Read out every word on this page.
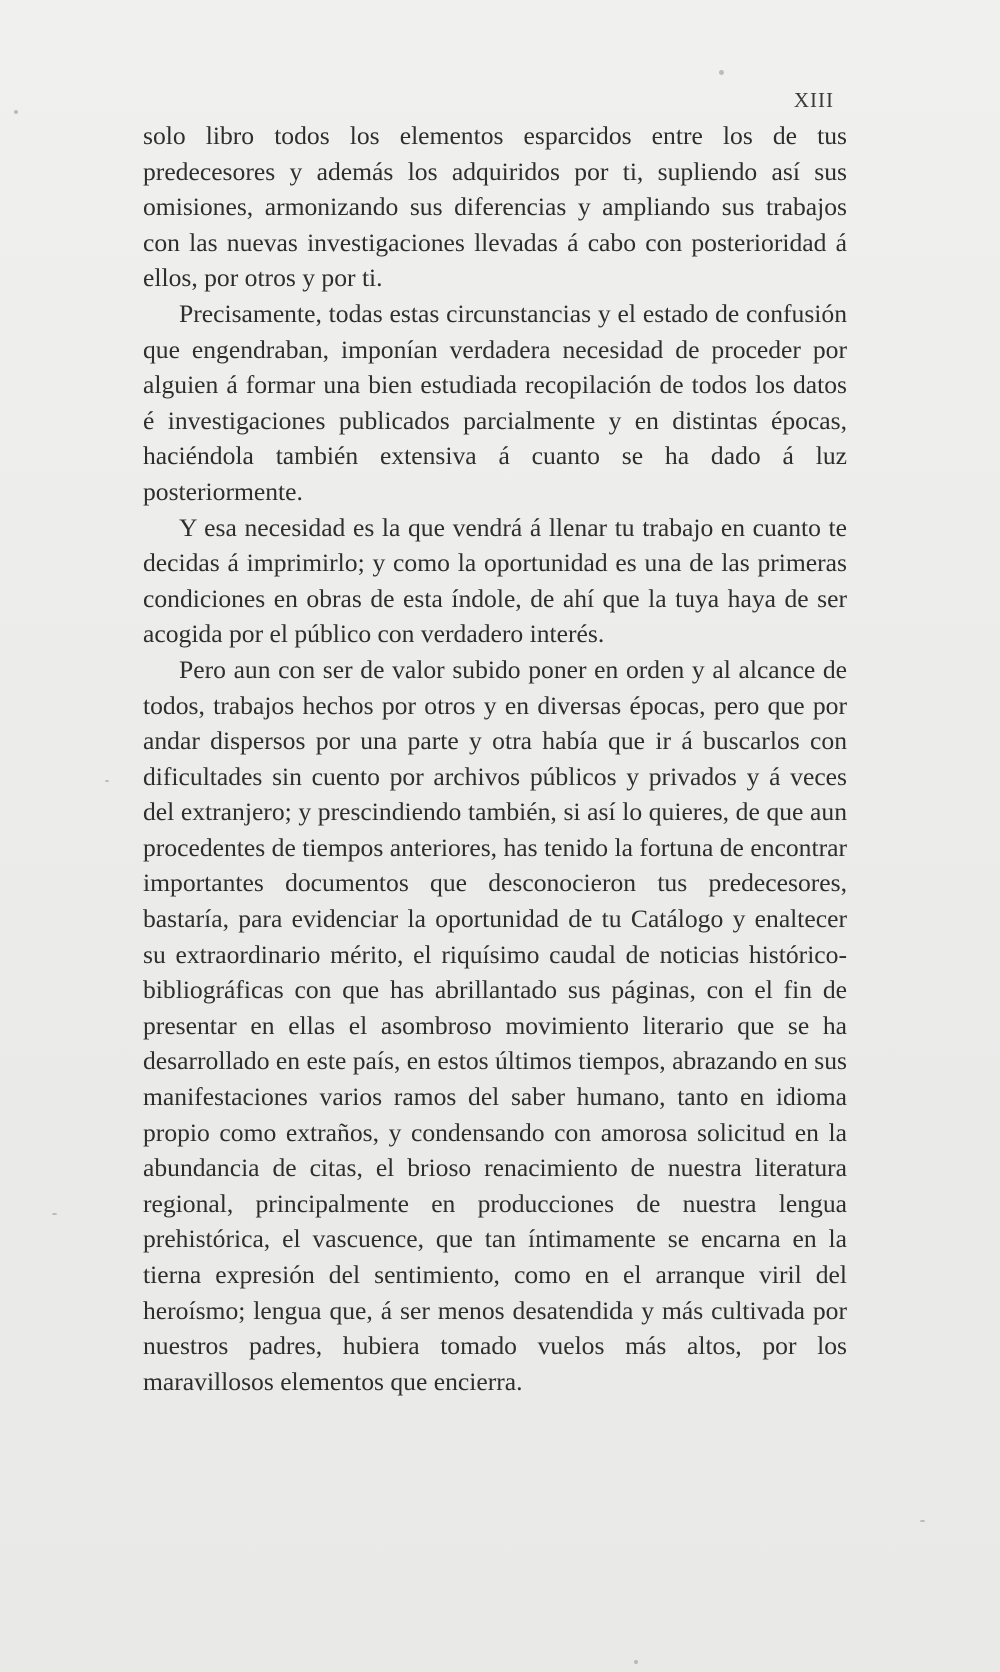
XIII

solo libro todos los elementos esparcidos entre los de tus predecesores y además los adquiridos por ti, supliendo así sus omisiones, armonizando sus diferencias y ampliando sus trabajos con las nuevas investigaciones llevadas á cabo con posterioridad á ellos, por otros y por ti.

Precisamente, todas estas circunstancias y el estado de confusión que engendraban, imponían verdadera necesidad de proceder por alguien á formar una bien estudiada recopilación de todos los datos é investigaciones publicados parcialmente y en distintas épocas, haciéndola también extensiva á cuanto se ha dado á luz posteriormente.

Y esa necesidad es la que vendrá á llenar tu trabajo en cuanto te decidas á imprimirlo; y como la oportunidad es una de las primeras condiciones en obras de esta índole, de ahí que la tuya haya de ser acogida por el público con verdadero interés.

Pero aun con ser de valor subido poner en orden y al alcance de todos, trabajos hechos por otros y en diversas épocas, pero que por andar dispersos por una parte y otra había que ir á buscarlos con dificultades sin cuento por archivos públicos y privados y á veces del extranjero; y prescindiendo también, si así lo quieres, de que aun procedentes de tiempos anteriores, has tenido la fortuna de encontrar importantes documentos que desconocieron tus predecesores, bastaría, para evidenciar la oportunidad de tu Catálogo y enaltecer su extraordinario mérito, el riquísimo caudal de noticias histórico-bibliográficas con que has abrillantado sus páginas, con el fin de presentar en ellas el asombroso movimiento literario que se ha desarrollado en este país, en estos últimos tiempos, abrazando en sus manifestaciones varios ramos del saber humano, tanto en idioma propio como extraños, y condensando con amorosa solicitud en la abundancia de citas, el brioso renacimiento de nuestra literatura regional, principalmente en producciones de nuestra lengua prehistórica, el vascuence, que tan íntimamente se encarna en la tierna expresión del sentimiento, como en el arranque viril del heroísmo; lengua que, á ser menos desatendida y más cultivada por nuestros padres, hubiera tomado vuelos más altos, por los maravillosos elementos que encierra.
